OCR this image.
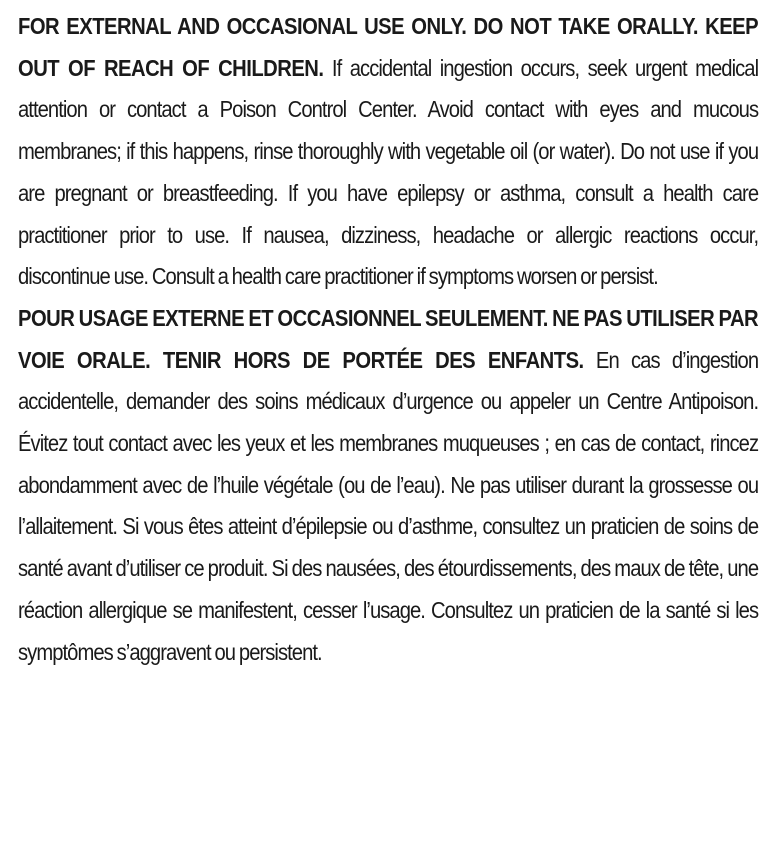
FOR EXTERNAL AND OCCASIONAL USE ONLY. DO NOT TAKE ORALLY. KEEP OUT OF REACH OF CHILDREN. If accidental ingestion occurs, seek urgent medical attention or contact a Poison Control Center. Avoid contact with eyes and mucous membranes; if this happens, rinse thoroughly with vegetable oil (or water). Do not use if you are pregnant or breastfeeding. If you have epilepsy or asthma, consult a health care practitioner prior to use. If nausea, dizziness, headache or allergic reactions occur, discontinue use. Consult a health care practitioner if symptoms worsen or persist.

POUR USAGE EXTERNE ET OCCASIONNEL SEULEMENT. NE PAS UTILISER PAR VOIE ORALE. TENIR HORS DE PORTÉE DES ENFANTS. En cas d’ingestion accidentelle, demander des soins médicaux d’urgence ou appeler un Centre Antipoison. Évitez tout contact avec les yeux et les membranes muqueuses ; en cas de contact, rincez abondamment avec de l’huile végétale (ou de l’eau). Ne pas utiliser durant la grossesse ou l’allaitement. Si vous êtes atteint d’épilepsie ou d’asthme, consultez un praticien de soins de santé avant d’utiliser ce produit. Si des nausées, des étourdissements, des maux de tête, une réaction allergique se manifestent, cesser l’usage. Consultez un praticien de la santé si les symptômes s’aggravent ou persistent.
